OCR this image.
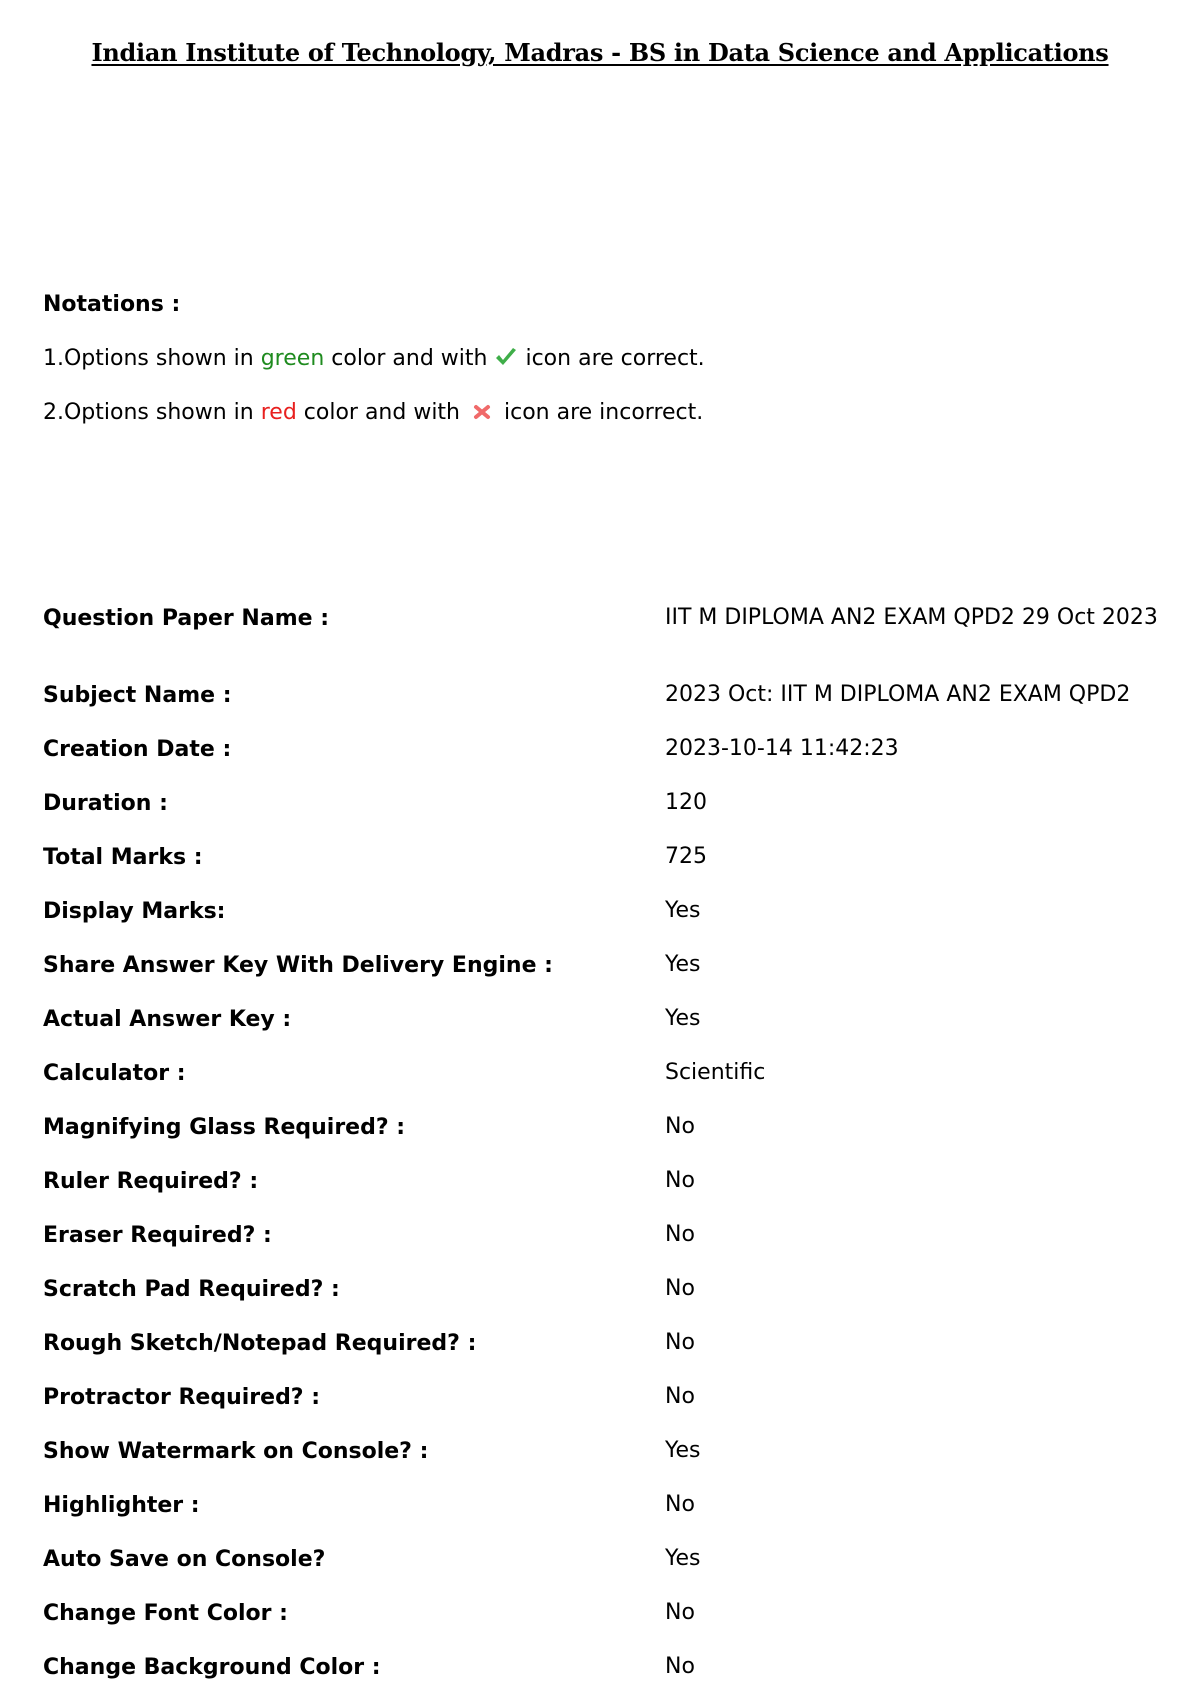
Indian Institute of Technology, Madras - BS in Data Science and Applications
Notations :
1.Options shown in green color and with  icon are correct.
2.Options shown in red color and with  icon are incorrect.
Question Paper Name :	IIT M DIPLOMA AN2 EXAM QPD2 29 Oct 2023
Subject Name :	2023 Oct: IIT M DIPLOMA AN2 EXAM QPD2
Creation Date :	2023-10-14 11:42:23
Duration :	120
Total Marks :	725
Display Marks:	Yes
Share Answer Key With Delivery Engine :	Yes
Actual Answer Key :	Yes
Calculator :	Scientific
Magnifying Glass Required? :	No
Ruler Required? :	No
Eraser Required? :	No
Scratch Pad Required? :	No
Rough Sketch/Notepad Required? :	No
Protractor Required? :	No
Show Watermark on Console? :	Yes
Highlighter :	No
Auto Save on Console?	Yes
Change Font Color :	No
Change Background Color :	No
